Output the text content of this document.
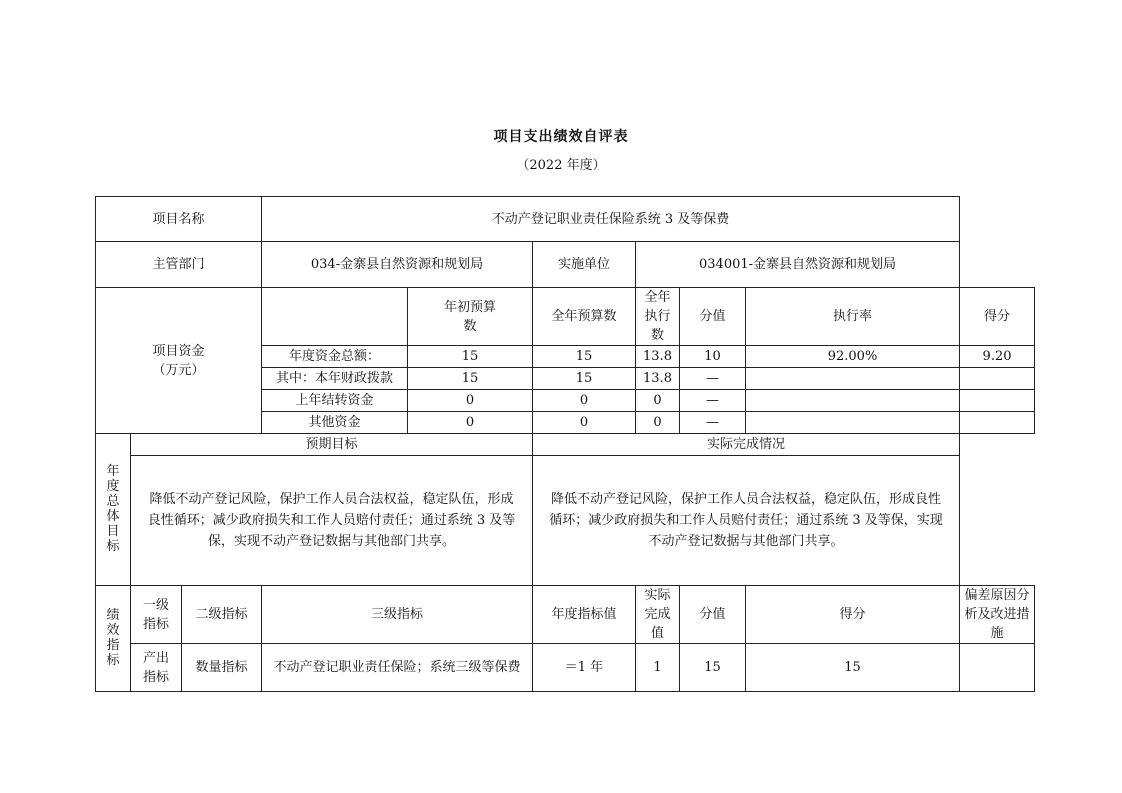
项目支出绩效自评表
（2022 年度）
项目名称			不动产登记职业责任保险系统 3 及等保费						
主管部门			034-金寨县自然资源和规划局		实施单位	034001-金寨县自然资源和规划局			

项目资金
（万元）				年初预算数	全年预算数	全年执行数	分值	执行率	得分
			年度资金总额：	15	15	13.8	10	92.00%	9.20
			其中：本年财政拨款	15	15	13.8	—		
			上年结转资金	0	0	0	—		
			其他资金	0	0	0	—		
年度总体目标	预期目标				实际完成情况				

	降低不动产登记风险，保护工作人员合法权益，稳定队伍，形成良性循环；减少政府损失和工作人员赔付责任；通过系统 3 及等保，实现不动产登记数据与其他部门共享。				降低不动产登记风险，保护工作人员合法权益，稳定队伍，形成良性循环；减少政府损失和工作人员赔付责任；通过系统 3 及等保，实现不动产登记数据与其他部门共享。				

绩效指标	一级指标	二级指标	三级指标		年度指标值	实际完成值	分值	得分	偏差原因分析及改进措施
	产出指标	数量指标	不动产登记职业责任保险；系统三级等保费		＝1 年	1	15	15	
